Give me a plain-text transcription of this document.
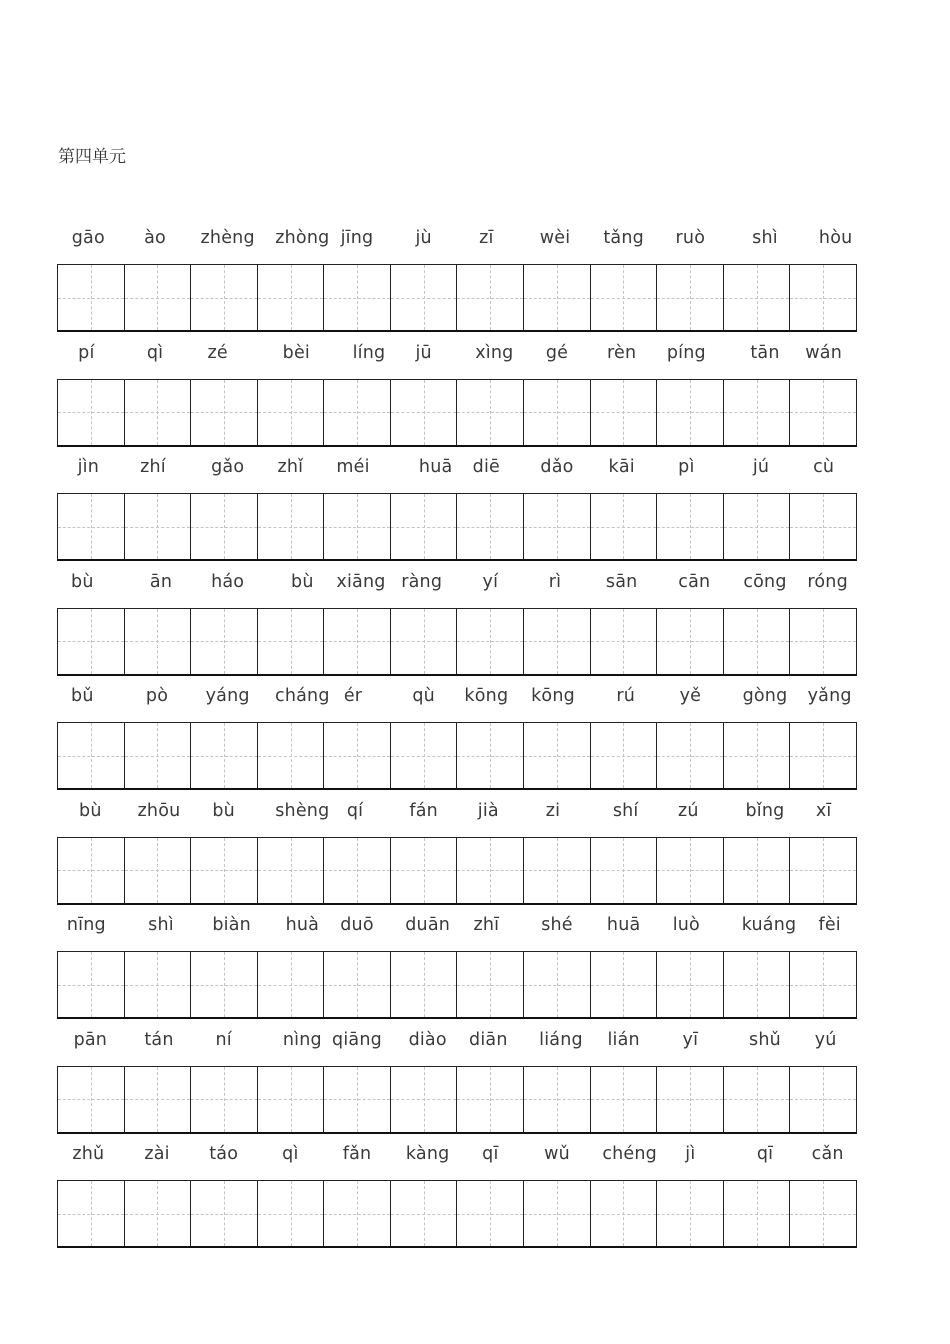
第四单元
gāo ào zhèng zhòng jīng jù	zī	wèi tǎng ruò	shì hòu
pí	qì	zé	bèi líng jū xìng gé rèn píng	tān wán
jìn zhí	gǎo zhǐ méi	huā diē dǎo kāi pì	jú	cù
bù	ān háo	bù xiāng ràng yí	rì	sān cān cōng róng
bǔ	pò yáng cháng ér	qù kōng kōng rú	yě gòng yǎng
bù zhōu bù shèng qí	fán jià	zi	shí zú	bǐng xī
nīng shì biàn huà duō duān zhī shé huā luò kuáng fèi
pān tán ní	nìng qiāng diào diān liáng lián yī	shǔ yú
zhǔ zài táo	qì	fǎn kàng qī	wǔ chéng jì	qī cǎn
